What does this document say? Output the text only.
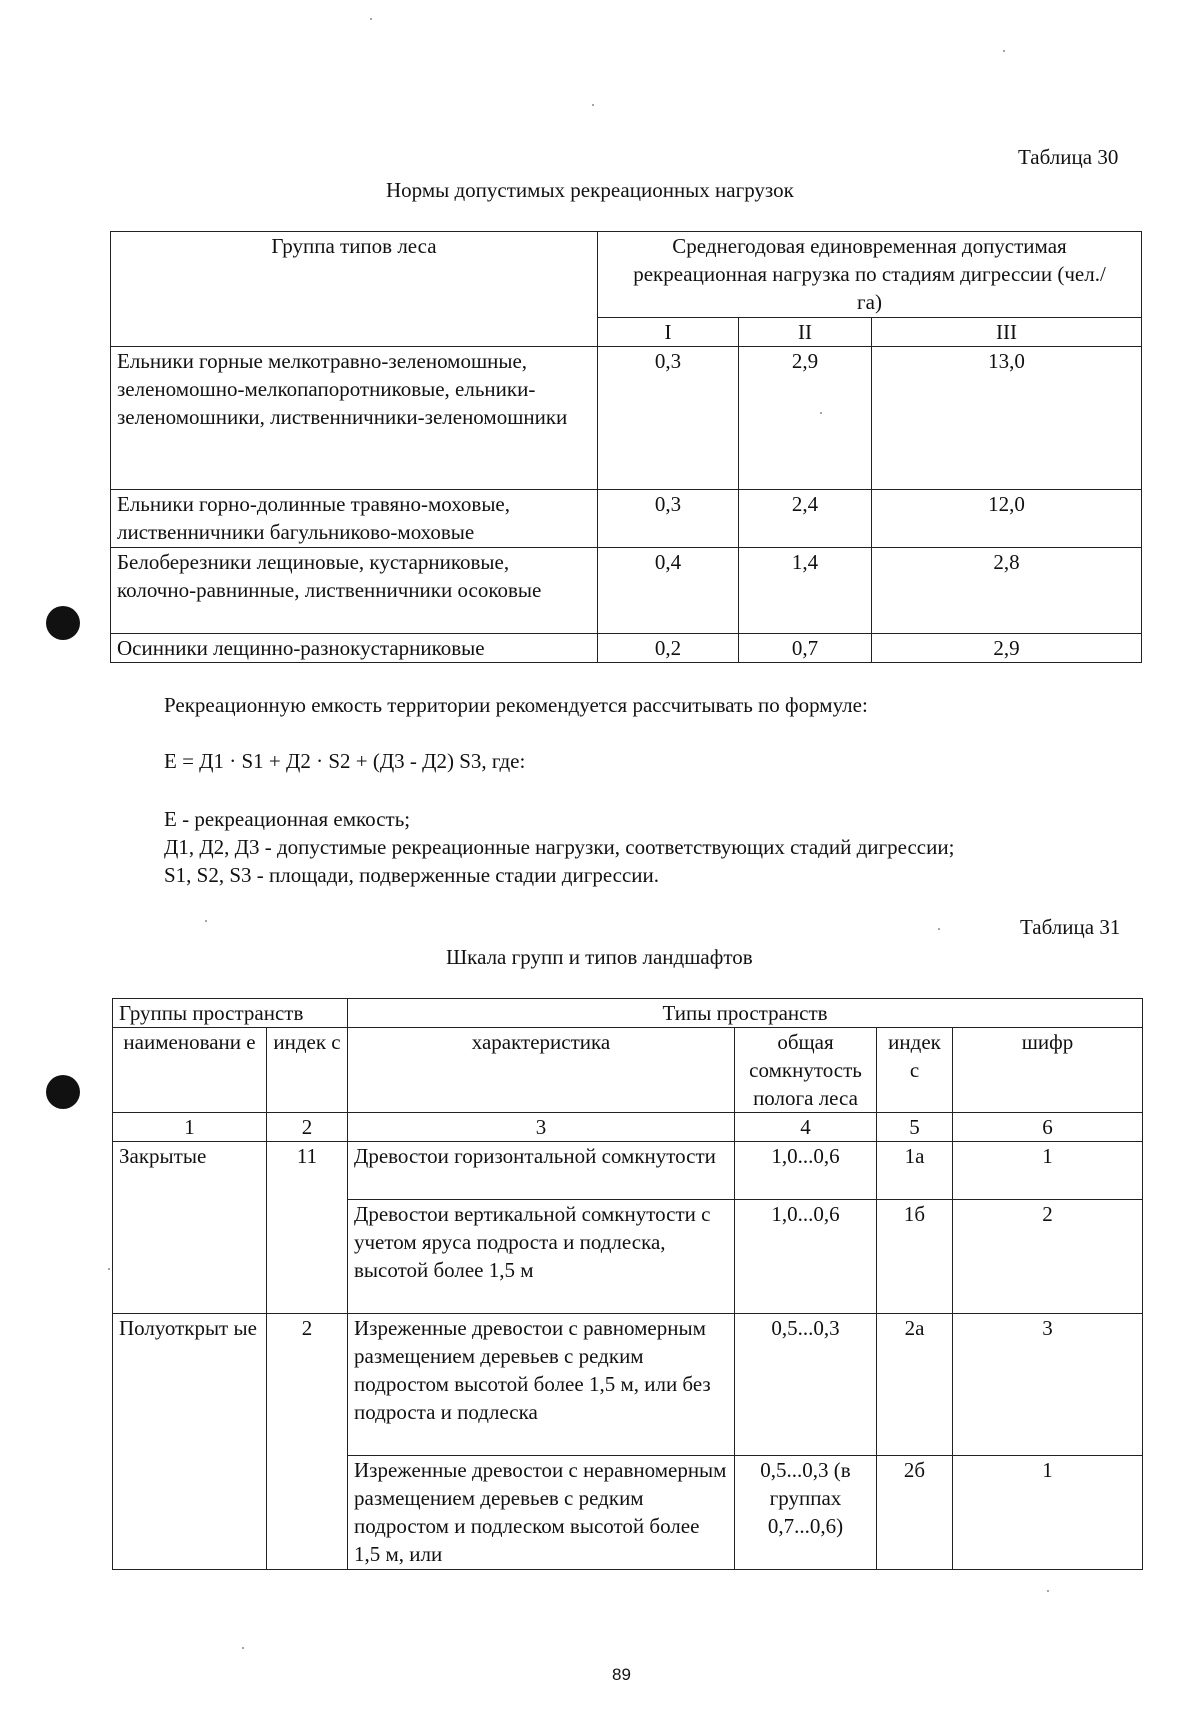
Таблица 30
Нормы допустимых рекреационных нагрузок
Группа типов леса	Среднегодовая единовременная допустимая рекреационная нагрузка по стадиям дигрессии (чел./га)		
	I	II	III
Ельники горные мелкотравно-зеленомошные, зеленомошно-мелкопапоротниковые, ельники-зеленомошники, лиственничники-зеленомошники	0,3	2,9	13,0
Ельники горно-долинные травяно-моховые, лиственничники багульниково-моховые	0,3	2,4	12,0
Белоберезники лещиновые, кустарниковые, колочно-равнинные, лиственничники осоковые	0,4	1,4	2,8
Осинники лещинно-разнокустарниковые	0,2	0,7	2,9
Рекреационную емкость территории рекомендуется рассчитывать по формуле:
Е = Д1 · S1 + Д2 · S2 + (Д3 - Д2) S3, где:
Е - рекреационная емкость;
Д1, Д2, Д3 - допустимые рекреационные нагрузки, соответствующих стадий дигрессии;
S1, S2, S3 - площади, подверженные стадии дигрессии.
Таблица 31
Шкала групп и типов ландшафтов
Группы пространств		Типы пространств			
наименовани е	индек с	характеристика	общая сомкнутость полога леса	индек с	шифр
1	2	3	4	5	6
Закрытые	11	Древостои горизонтальной сомкнутости	1,0...0,6	1а	1
		Древостои вертикальной сомкнутости с учетом яруса подроста и подлеска, высотой более 1,5 м	1,0...0,6	1б	2
Полуоткрыт ые	2	Изреженные древостои с равномерным размещением деревьев с редким подростом высотой более 1,5 м, или без подроста и подлеска	0,5...0,3	2а	3
		Изреженные древостои с неравномерным размещением деревьев с редким подростом и подлеском высотой более 1,5 м, или	0,5...0,3 (в группах 0,7...0,6)	2б	1
89
